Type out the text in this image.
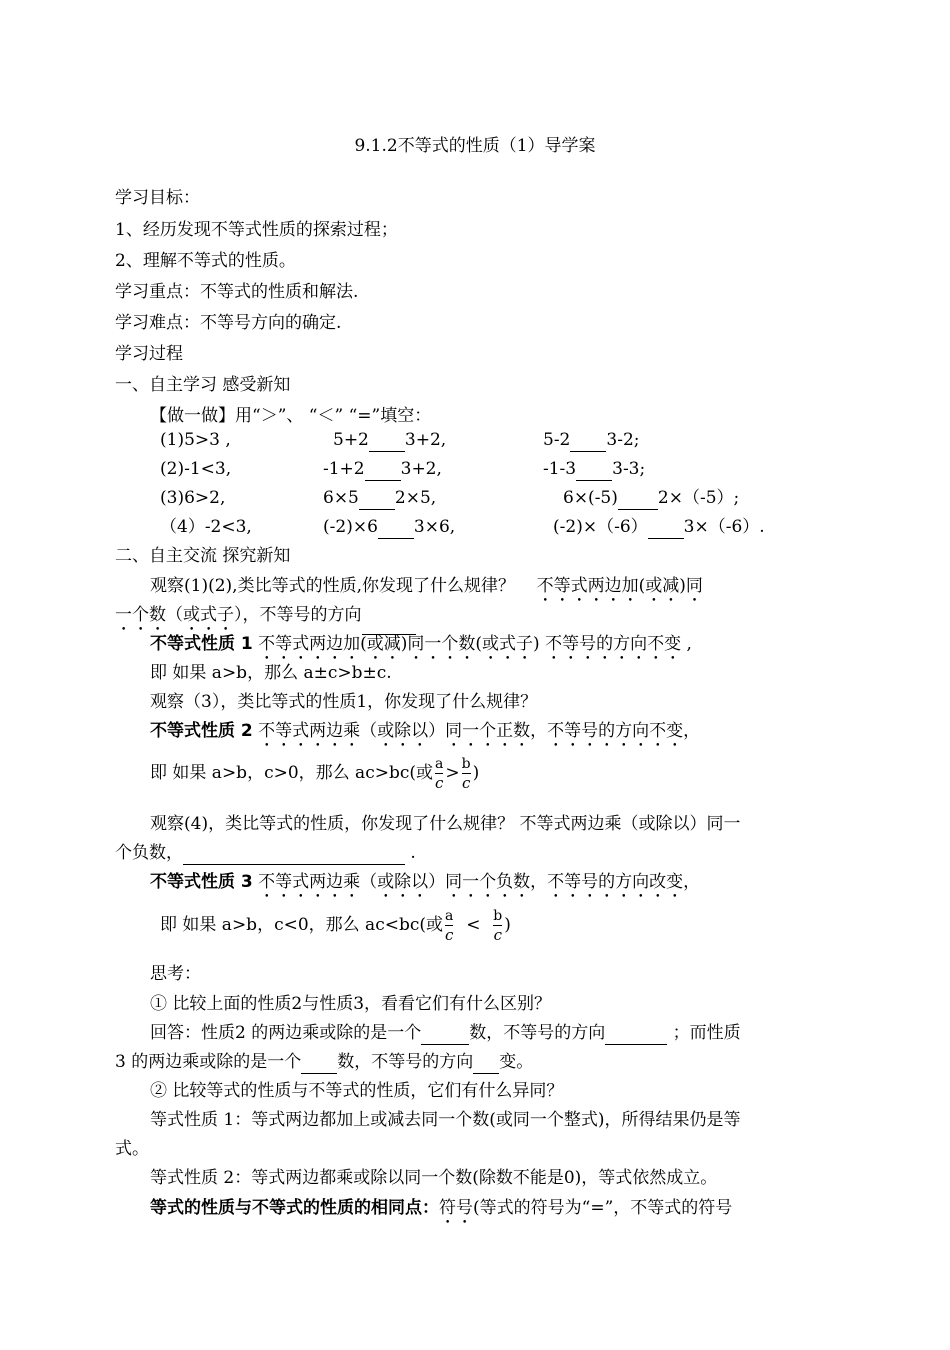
9.1.2不等式的性质（1）导学案
学习目标：
1、经历发现不等式性质的探索过程；
2、理解不等式的性质。
学习重点：不等式的性质和解法.
学习难点：不等号方向的确定.
学习过程
一、自主学习 感受新知
【做一做】用“＞”、 “＜” “=”填空：
(1)5>3 ,	5+2 3+2,	5-2 3-2;
(2)-1<3,	-1+2 3+2,	-1-3 3-3;
(3)6>2,	6×5 2×5,	6×(-5) 2×（-5）;
（4）-2<3,	(-2)×6 3×6,	(-2)×（-6） 3×（-6）.
二、自主交流 探究新知
观察(1)(2),类比等式的性质,你发现了什么规律？ 不等式两边加(或减)同
一个数（或式子），不等号的方向
不等式性质 1 不等式两边加(或减)同一个数(或式子) 不等号的方向不变 ,
即 如果 a>b，那么 a±c>b±c.
观察（3），类比等式的性质1，你发现了什么规律？
不等式性质 2 不等式两边乘（或除以）同一个正数，不等号的方向不变，
即 如果 a>b，c>0，那么 ac>bc(或 $\frac{a}{c} > \frac{b}{c}$ )
观察(4)，类比等式的性质，你发现了什么规律？ 不等式两边乘（或除以）同一
个负数，	.
不等式性质 3 不等式两边乘（或除以）同一个负数，不等号的方向改变，
即 如果 a>b，c<0，那么 ac<bc(或 $\frac{a}{c} < \frac{b}{c}$ )
思考：
① 比较上面的性质2与性质3，看看它们有什么区别？
回答：性质2 的两边乘或除的是一个	数，不等号的方向	；而性质
3 的两边乘或除的是一个 数，不等号的方向 变。
② 比较等式的性质与不等式的性质，它们有什么异同？
等式性质 1：等式两边都加上或减去同一个数(或同一个整式)，所得结果仍是等
式。
等式性质 2：等式两边都乘或除以同一个数(除数不能是0)，等式依然成立。
等式的性质与不等式的性质的相同点：符号(等式的符号为“=”，不等式的符号
